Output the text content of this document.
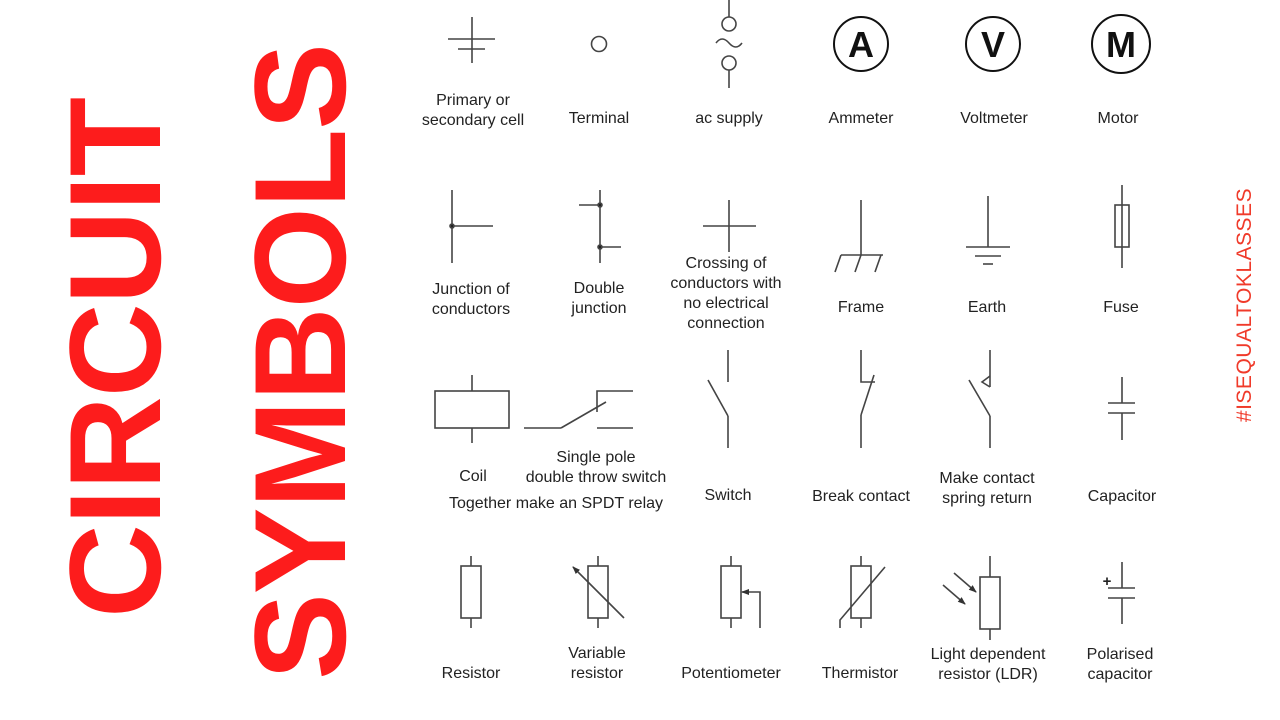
CIRCUIT SYMBOLS	#ISEQUALTOKLASSES
A	V	M
+
Primary or
secondary cell	Terminal	ac supply	Ammeter	Voltmeter	Motor
Junction of
conductors
Double
junction
Crossing of
conductors with
no electrical
connection
Frame	Earth	Fuse
Coil
Single pole
double throw switch
Together make an SPDT relay	Switch	Break contact
Make contact
spring return	Capacitor
Resistor
Variable
resistor	Potentiometer	Thermistor
Light dependent
resistor (LDR)
Polarised
capacitor
